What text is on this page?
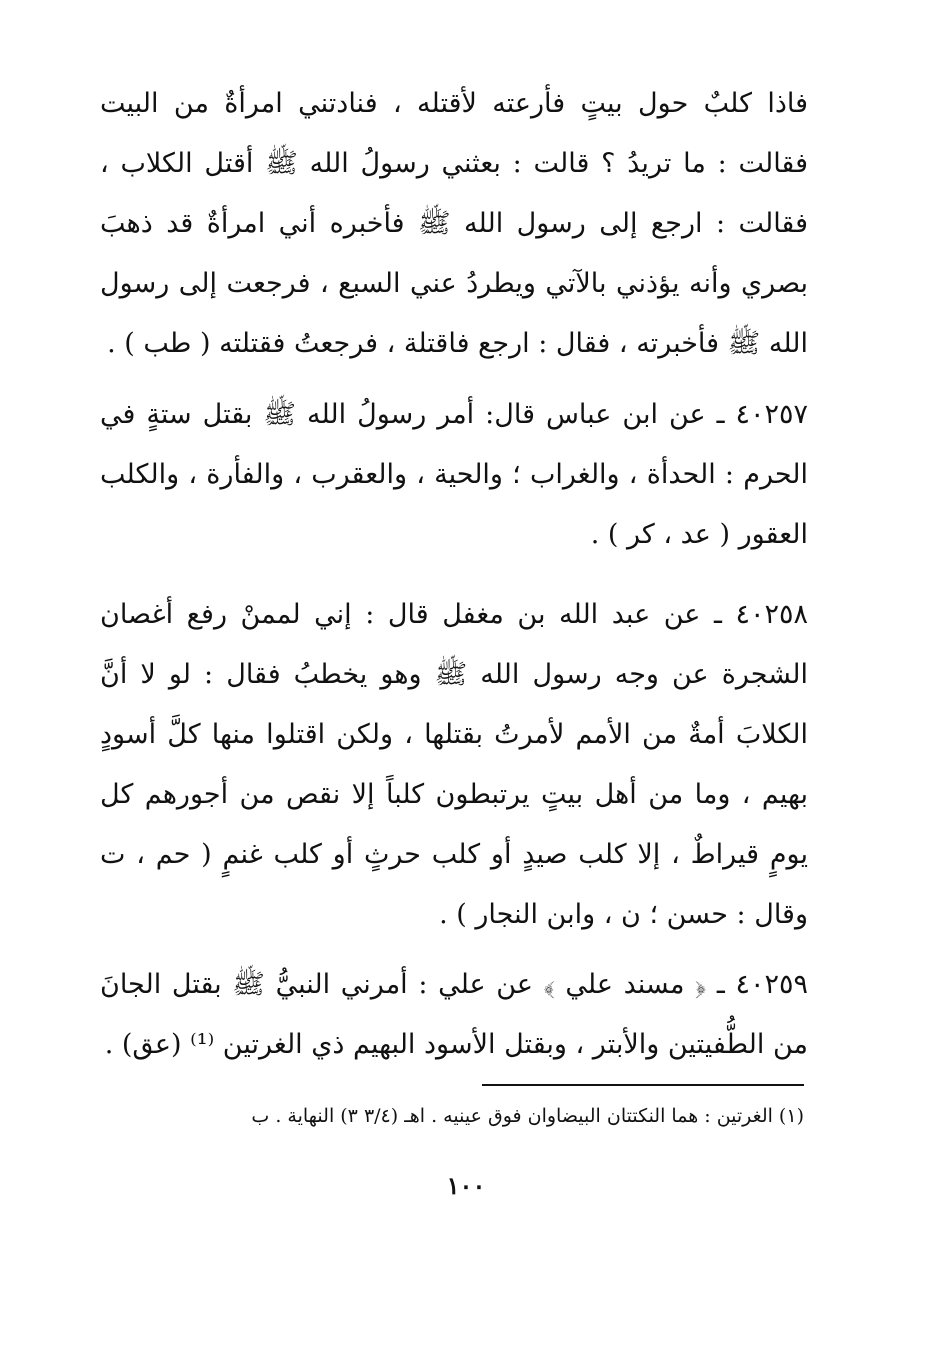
فاذا كلبٌ حول بيتٍ فأرعته لأقتله ، فنادتني امرأةٌ من البيت فقالت : ما تريدُ ؟ قالت : بعثني رسولُ الله ﷺ أقتل الكلاب ، فقالت : ارجع إلى رسول الله ﷺ فأخبره أني امرأةٌ قد ذهبَ بصري وأنه يؤذني بالآتي ويطردُ عني السبع ، فرجعت إلى رسول الله ﷺ فأخبرته ، فقال : ارجع فاقتلة ، فرجعتُ فقتلته ( طب ) .

٤٠٢٥٧ ـ عن ابن عباس قال: أمر رسولُ الله ﷺ بقتل ستةٍ في الحرم : الحدأة ، والغراب ؛ والحية ، والعقرب ، والفأرة ، والكلب العقور ( عد ، كر ) .

٤٠٢٥٨ ـ عن عبد الله بن مغفل قال : إني لممنْ رفع أغصان الشجرة عن وجه رسول الله ﷺ وهو يخطبُ فقال : لو لا أنَّ الكلابَ أمةٌ من الأمم لأمرتُ بقتلها ، ولكن اقتلوا منها كلَّ أسودٍ بهيم ، وما من أهل بيتٍ يرتبطون كلباً إلا نقص من أجورهم كل يومٍ قيراطٌ ، إلا كلب صيدٍ أو كلب حرثٍ أو كلب غنمٍ ( حم ، ت وقال : حسن ؛ ن ، وابن النجار ) .

٤٠٢٥٩ ـ ﴿ مسند علي ﴾ عن علي : أمرني النبيُّ ﷺ بقتل الجانَ من الطُّفيتين والأبتر ، وبقتل الأسود البهيم ذي الغرتين ⁽¹⁾ (عق) .

(١) الغرتين : هما النكتتان البيضاوان فوق عينيه . اهـ (٣/٤ ٣) النهاية . ب
١٠٠
